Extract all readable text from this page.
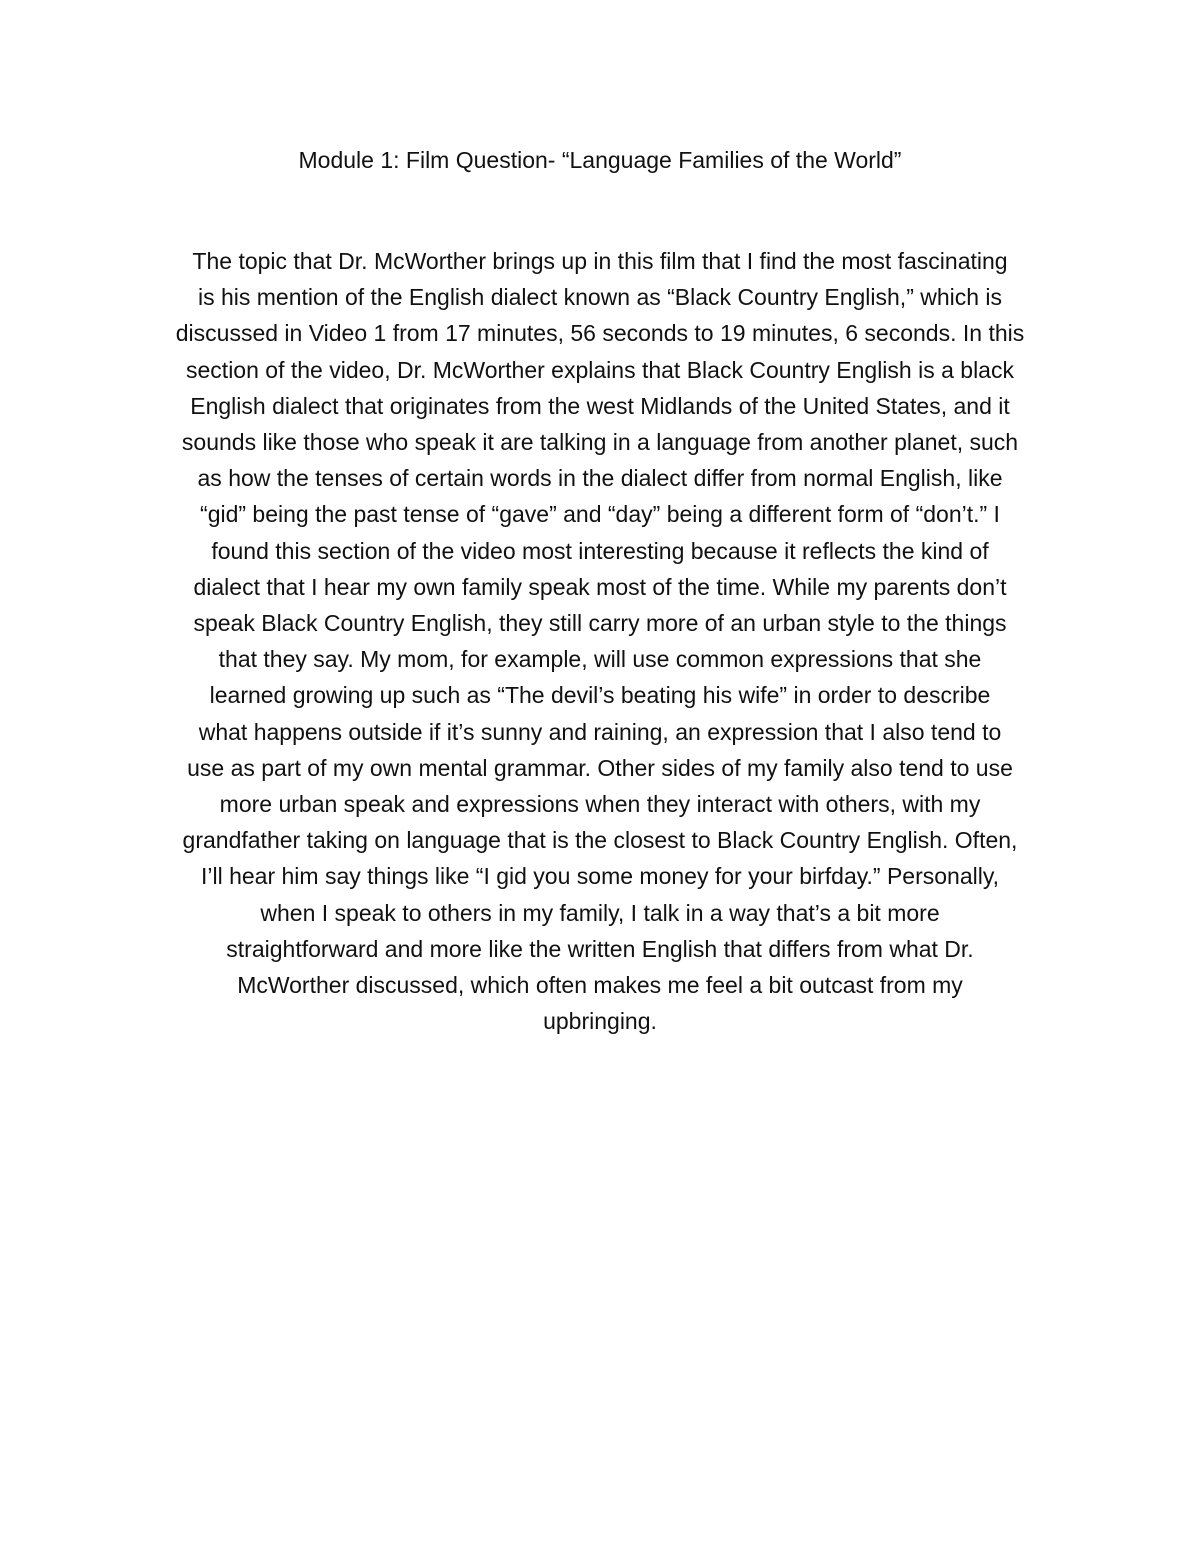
Module 1: Film Question- “Language Families of the World”

The topic that Dr. McWorther brings up in this film that I find the most fascinating
is his mention of the English dialect known as “Black Country English,” which is
discussed in Video 1 from 17 minutes, 56 seconds to 19 minutes, 6 seconds. In this
section of the video, Dr. McWorther explains that Black Country English is a black
English dialect that originates from the west Midlands of the United States, and it
sounds like those who speak it are talking in a language from another planet, such
as how the tenses of certain words in the dialect differ from normal English, like
“gid” being the past tense of “gave” and “day” being a different form of “don’t.” I
found this section of the video most interesting because it reflects the kind of
dialect that I hear my own family speak most of the time. While my parents don’t
speak Black Country English, they still carry more of an urban style to the things
that they say. My mom, for example, will use common expressions that she
learned growing up such as “The devil’s beating his wife” in order to describe
what happens outside if it’s sunny and raining, an expression that I also tend to
use as part of my own mental grammar. Other sides of my family also tend to use
more urban speak and expressions when they interact with others, with my
grandfather taking on language that is the closest to Black Country English. Often,
I’ll hear him say things like “I gid you some money for your birfday.” Personally,
when I speak to others in my family, I talk in a way that’s a bit more
straightforward and more like the written English that differs from what Dr.
McWorther discussed, which often makes me feel a bit outcast from my
upbringing.
